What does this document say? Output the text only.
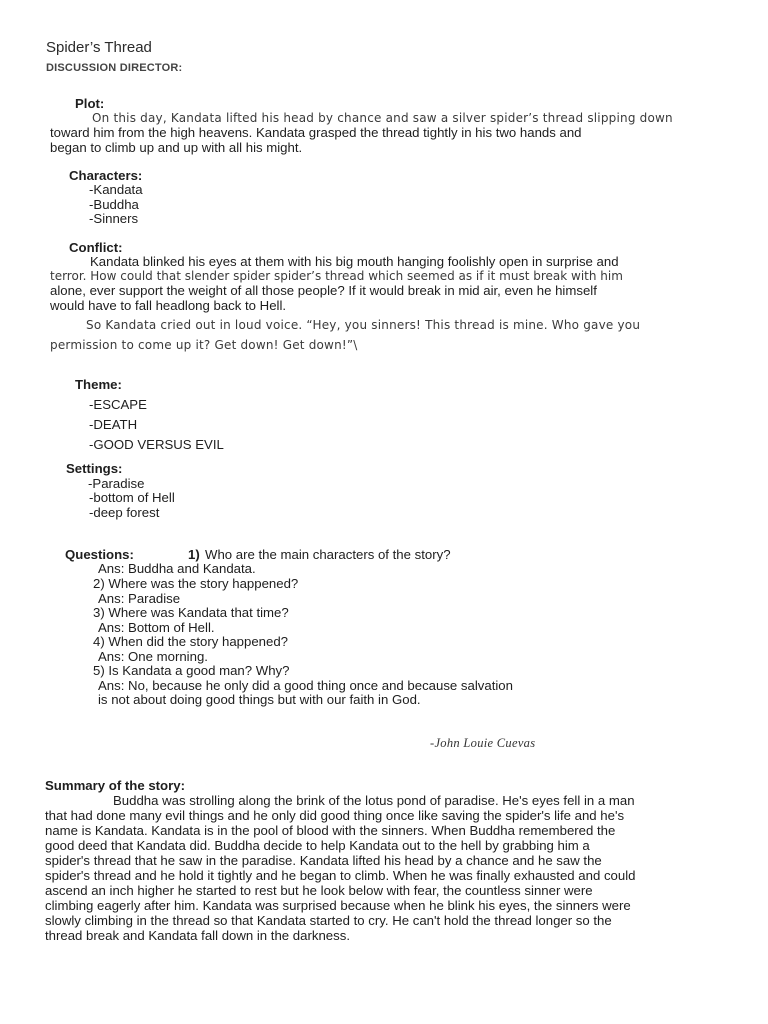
Spider’s Thread
DISCUSSION DIRECTOR:
Plot:
On this day, Kandata lifted his head by chance and saw a silver spider’s thread slipping down
toward him from the high heavens. Kandata grasped the thread tightly in his two hands and
began to climb up and up with all his might.
Characters:
-Kandata
-Buddha
-Sinners
Conflict:
Kandata blinked his eyes at them with his big mouth hanging foolishly open in surprise and
terror. How could that slender spider spider’s thread which seemed as if it must break with him
alone, ever support the weight of all those people? If it would break in mid air, even he himself
would have to fall headlong back to Hell.
So Kandata cried out in loud voice. “Hey, you sinners! This thread is mine. Who gave you
permission to come up it? Get down! Get down!”\
Theme:
-ESCAPE
-DEATH
-GOOD VERSUS EVIL
Settings:
-Paradise
-bottom of Hell
-deep forest
Questions:	1) Who are the main characters of the story?
Ans: Buddha and Kandata.
2) Where was the story happened?
Ans: Paradise
3) Where was Kandata that time?
Ans: Bottom of Hell.
4) When did the story happened?
Ans: One morning.
5) Is Kandata a good man? Why?
Ans: No, because he only did a good thing once and because salvation
is not about doing good things but with our faith in God.
-John Louie Cuevas
Summary of the story:
Buddha was strolling along the brink of the lotus pond of paradise. He's eyes fell in a man
that had done many evil things and he only did good thing once like saving the spider's life and he's
name is Kandata. Kandata is in the pool of blood with the sinners. When Buddha remembered the
good deed that Kandata did. Buddha decide to help Kandata out to the hell by grabbing him a
spider's thread that he saw in the paradise. Kandata lifted his head by a chance and he saw the
spider's thread and he hold it tightly and he began to climb. When he was finally exhausted and could
ascend an inch higher he started to rest but he look below with fear, the countless sinner were
climbing eagerly after him. Kandata was surprised because when he blink his eyes, the sinners were
slowly climbing in the thread so that Kandata started to cry. He can't hold the thread longer so the
thread break and Kandata fall down in the darkness.
